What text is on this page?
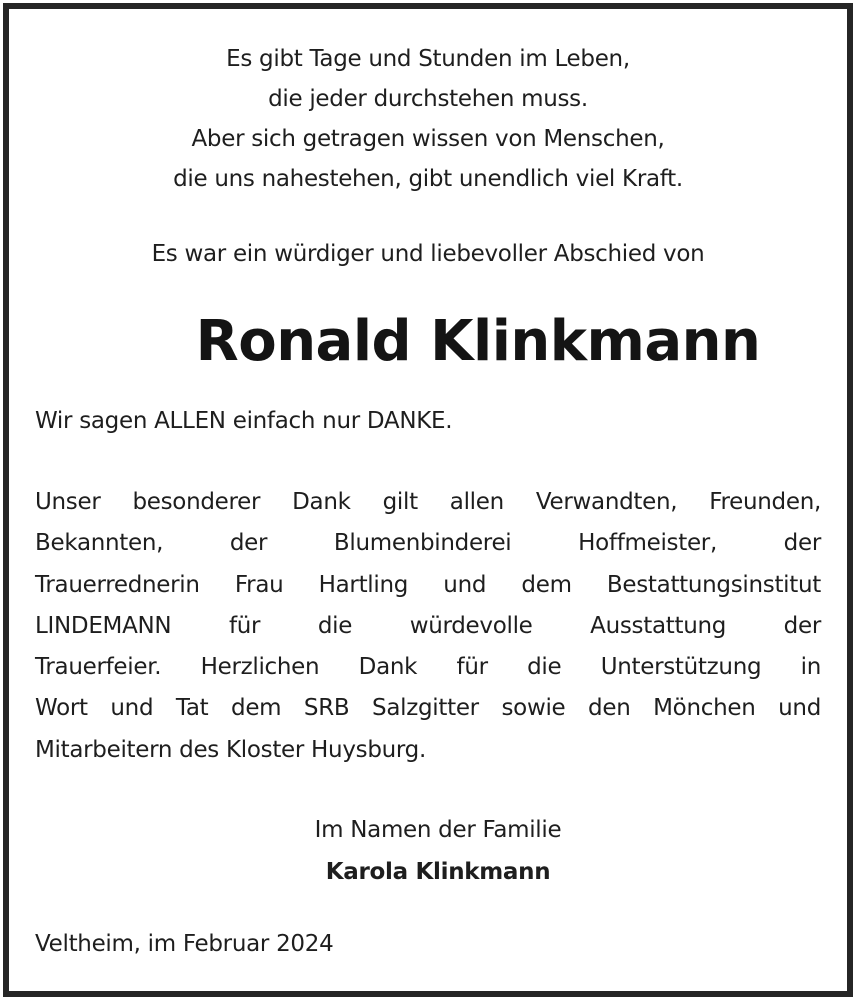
Es gibt Tage und Stunden im Leben,
die jeder durchstehen muss.
Aber sich getragen wissen von Menschen,
die uns nahestehen, gibt unendlich viel Kraft.
Es war ein würdiger und liebevoller Abschied von
Ronald Klinkmann
Wir sagen ALLEN einfach nur DANKE.
Unser besonderer Dank gilt allen Verwandten, Freunden,
Bekannten, der Blumenbinderei Hoffmeister, der
Trauerrednerin Frau Hartling und dem Bestattungsinstitut
LINDEMANN für die würdevolle Ausstattung der
Trauerfeier. Herzlichen Dank für die Unterstützung in
Wort und Tat dem SRB Salzgitter sowie den Mönchen und
Mitarbeitern des Kloster Huysburg.
Im Namen der Familie
Karola Klinkmann
Veltheim, im Februar 2024
